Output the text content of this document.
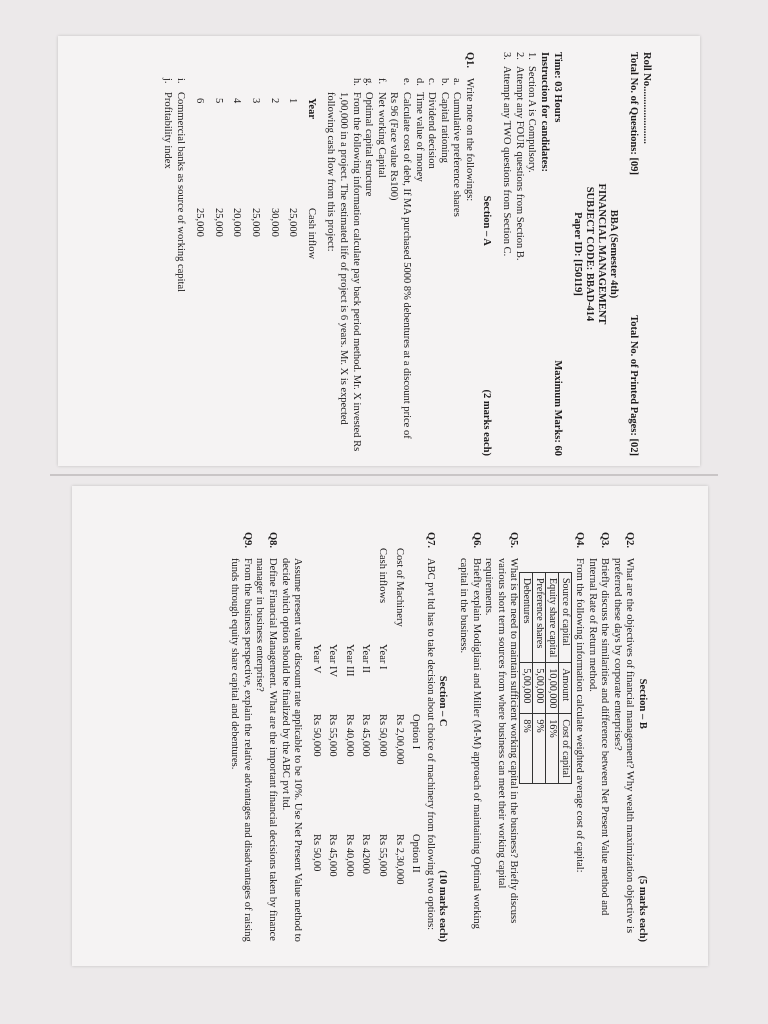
Roll No......................
Total No. of Questions: [09]
Total No. of Printed Pages: [02]
BBA (Semester 4th)
FINANCIAL MANAGEMENT
SUBJECT CODE: BBAD-414
Paper ID: [I50119]
Time: 03 Hours
Maximum Marks: 60
Instruction for candidates:
1.
Section A is Compulsory.
2.
Attempt any FOUR questions from Section B.
3.
Attempt any TWO questions from Section C.
Section – A
(2 marks each)
Q1.
Write note on the followings:
a.
Cumulative preference shares
b.
Capital rationing
c.
Dividend decision
d.
Time value of money
e.
Calculate cost of debt, If MA purchased 5000 8% debentures at a discount price of
Rs 96 (Face value Rs100)
f.
Net working Capital
g.
Optimal capital structure
h.
From the following information calculate pay back period method. Mr. X invested Rs 1,00,000 in a project. The estimated life of project is 6 years. Mr. X is expected following cash flow from this project:
Year	Cash inflow
1	25,000
2	30,000
3	25,000
4	20,000
5	25,000
6	25,000
i.
Commercial banks as source of working capital
j.
Profitability index
Section – B
(5 marks each)
Q2.
What are the objectives of financial management? Why wealth maximization objective is preferred these days by corporate enterprises?
Q3.
Briefly discuss the similarities and difference between Net Present Value method and Internal Rate of Return method.
Q4.
From the following information calculate weighted average cost of capital:
Source of capital	Amount	Cost of capital
Equity share capital	10,00,000	16%
Preference shares	5,00,000	9%
Debentures	5,00,000	8%
Q5.
What is the need to maintain sufficient working capital in the business? Briefly discuss various short term sources from where business can meet their working capital requirements.
Q6.
Briefly explain Modigliani and Miller (M-M) approach of maintaining Optimal working capital in the business.
Section – C
(10 marks each)
Q7.
ABC pvt ltd has to take decision about choice of machinery from following two options:
		Option I	Option II
Cost of Machinery		Rs 2,00,000	Rs 2,30,000
Cash inflows	Year I	Rs 50,000	Rs 55,000
	Year II	Rs 45,000	Rs 42000
	Year III	Rs 40,000	Rs 40,000
	Year IV	Rs 55,000	Rs 45,000
	Year V	Rs 50,000	Rs 50,00
Assume present value discount rate applicable to be 10%. Use Net Present Value method to decide which option should be finalized by the ABC pvt ltd.
Q8.
Define Financial Management. What are the important financial decisions taken by finance manager in business enterprise?
Q9.
From the business perspective, explain the relative advantages and disadvantages of raising funds through equity share capital and debentures.
